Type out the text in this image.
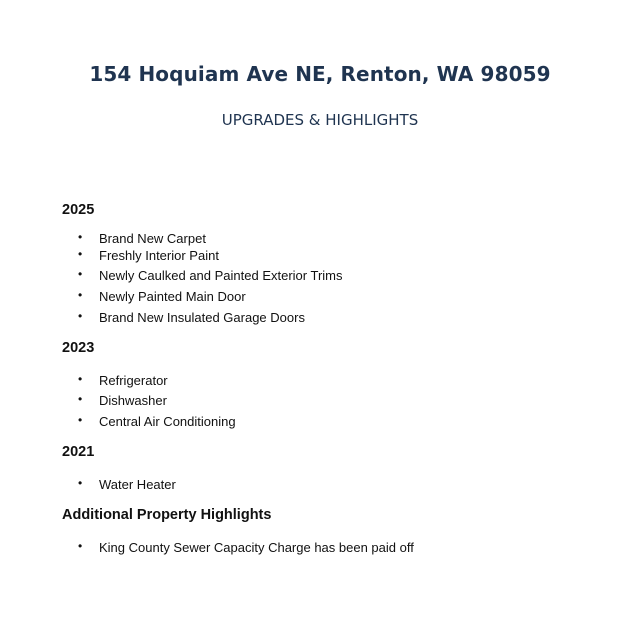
154 Hoquiam Ave NE, Renton, WA 98059
UPGRADES & HIGHLIGHTS
2025
• Brand New Carpet
• Freshly Interior Paint
• Newly Caulked and Painted Exterior Trims
• Newly Painted Main Door
• Brand New Insulated Garage Doors
2023
• Refrigerator
• Dishwasher
• Central Air Conditioning
2021
• Water Heater
Additional Property Highlights
• King County Sewer Capacity Charge has been paid off
